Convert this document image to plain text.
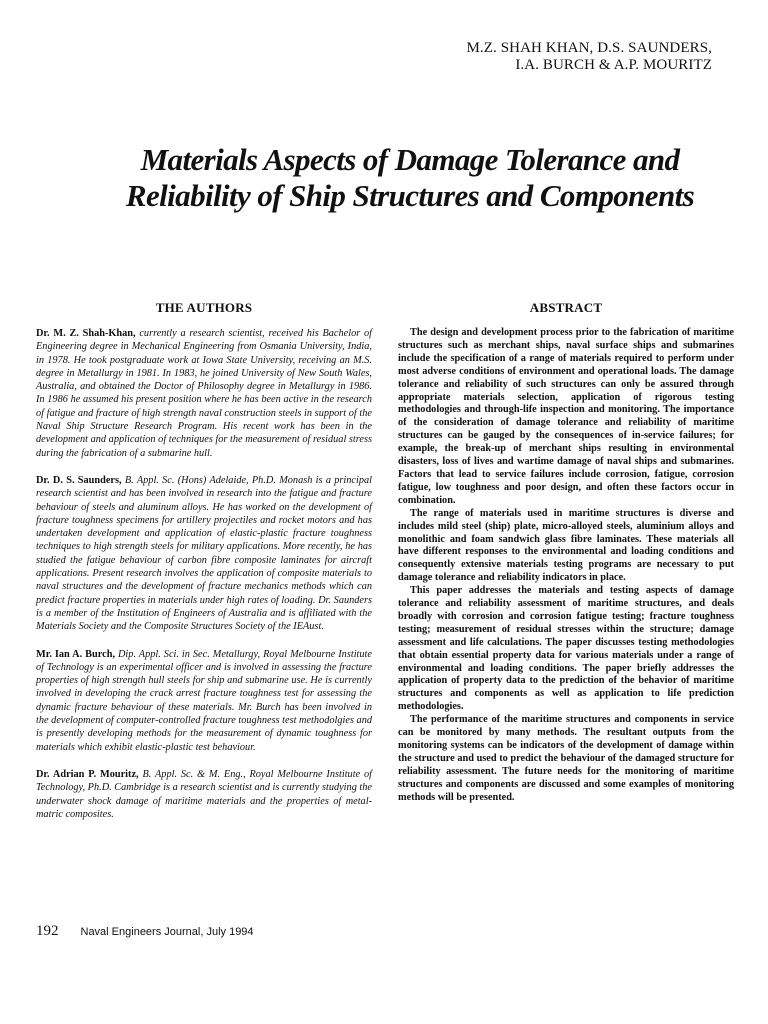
M.Z. SHAH KHAN, D.S. SAUNDERS,
I.A. BURCH & A.P. MOURITZ
Materials Aspects of Damage Tolerance and
Reliability of Ship Structures and Components
THE AUTHORS	ABSTRACT

Dr. M. Z. Shah-Khan, currently a research scientist, received his Bachelor of Engineering degree in Mechanical Engineering from Osmania University, India, in 1978. He took postgraduate work at Iowa State University, receiving an M.S. degree in Metallurgy in 1981. In 1983, he joined University of New South Wales, Australia, and obtained the Doctor of Philosophy degree in Metallurgy in 1986. In 1986 he assumed his present position where he has been active in the research of fatigue and fracture of high strength naval construction steels in support of the Naval Ship Structure Research Program. His recent work has been in the development and application of techniques for the measurement of residual stress during the fabrication of a submarine hull.

Dr. D. S. Saunders, B. Appl. Sc. (Hons) Adelaide, Ph.D. Monash is a principal research scientist and has been involved in research into the fatigue and fracture behaviour of steels and aluminum alloys. He has worked on the development of fracture toughness specimens for artillery projectiles and rocket motors and has undertaken development and application of elastic-plastic fracture toughness techniques to high strength steels for military applications. More recently, he has studied the fatigue behaviour of carbon fibre composite laminates for aircraft applications. Present research involves the application of composite materials to naval structures and the development of fracture mechanics methods which can predict fracture properties in materials under high rates of loading. Dr. Saunders is a member of the Institution of Engineers of Australia and is affiliated with the Materials Society and the Composite Structures Society of the IEAust.

Mr. Ian A. Burch, Dip. Appl. Sci. in Sec. Metallurgy, Royal Melbourne Institute of Technology is an experimental officer and is involved in assessing the fracture properties of high strength hull steels for ship and submarine use. He is currently involved in developing the crack arrest fracture toughness test for assessing the dynamic fracture behaviour of these materials. Mr. Burch has been involved in the development of computer-controlled fracture toughness test methodolgies and is presently developing methods for the measurement of dynamic toughness for materials which exhibit elastic-plastic test behaviour.

Dr. Adrian P. Mouritz, B. Appl. Sc. & M. Eng., Royal Melbourne Institute of Technology, Ph.D. Cambridge is a research scientist and is currently studying the underwater shock damage of maritime materials and the properties of metal-matric composites.

The design and development process prior to the fabrication of maritime structures such as merchant ships, naval surface ships and submarines include the specification of a range of materials required to perform under most adverse conditions of environment and operational loads. The damage tolerance and reliability of such structures can only be assured through appropriate materials selection, application of rigorous testing methodologies and through-life inspection and monitoring. The importance of the consideration of damage tolerance and reliability of maritime structures can be gauged by the consequences of in-service failures; for example, the break-up of merchant ships resulting in environmental disasters, loss of lives and wartime damage of naval ships and submarines. Factors that lead to service failures include corrosion, fatigue, corrosion fatigue, low toughness and poor design, and often these factors occur in combination.

The range of materials used in maritime structures is diverse and includes mild steel (ship) plate, micro-alloyed steels, aluminium alloys and monolithic and foam sandwich glass fibre laminates. These materials all have different responses to the environmental and loading conditions and consequently extensive materials testing programs are necessary to put damage tolerance and reliability indicators in place.

This paper addresses the materials and testing aspects of damage tolerance and reliability assessment of maritime structures, and deals broadly with corrosion and corrosion fatigue testing; fracture toughness testing; measurement of residual stresses within the structure; damage assessment and life calculations. The paper discusses testing methodologies that obtain essential property data for various materials under a range of environmental and loading conditions. The paper briefly addresses the application of property data to the prediction of the behavior of maritime structures and components as well as application to life prediction methodologies.

The performance of the maritime structures and components in service can be monitored by many methods. The resultant outputs from the monitoring systems can be indicators of the development of damage within the structure and used to predict the behaviour of the damaged structure for reliability assessment. The future needs for the monitoring of maritime structures and components are discussed and some examples of monitoring methods will be presented.

192 Naval Engineers Journal, July 1994
